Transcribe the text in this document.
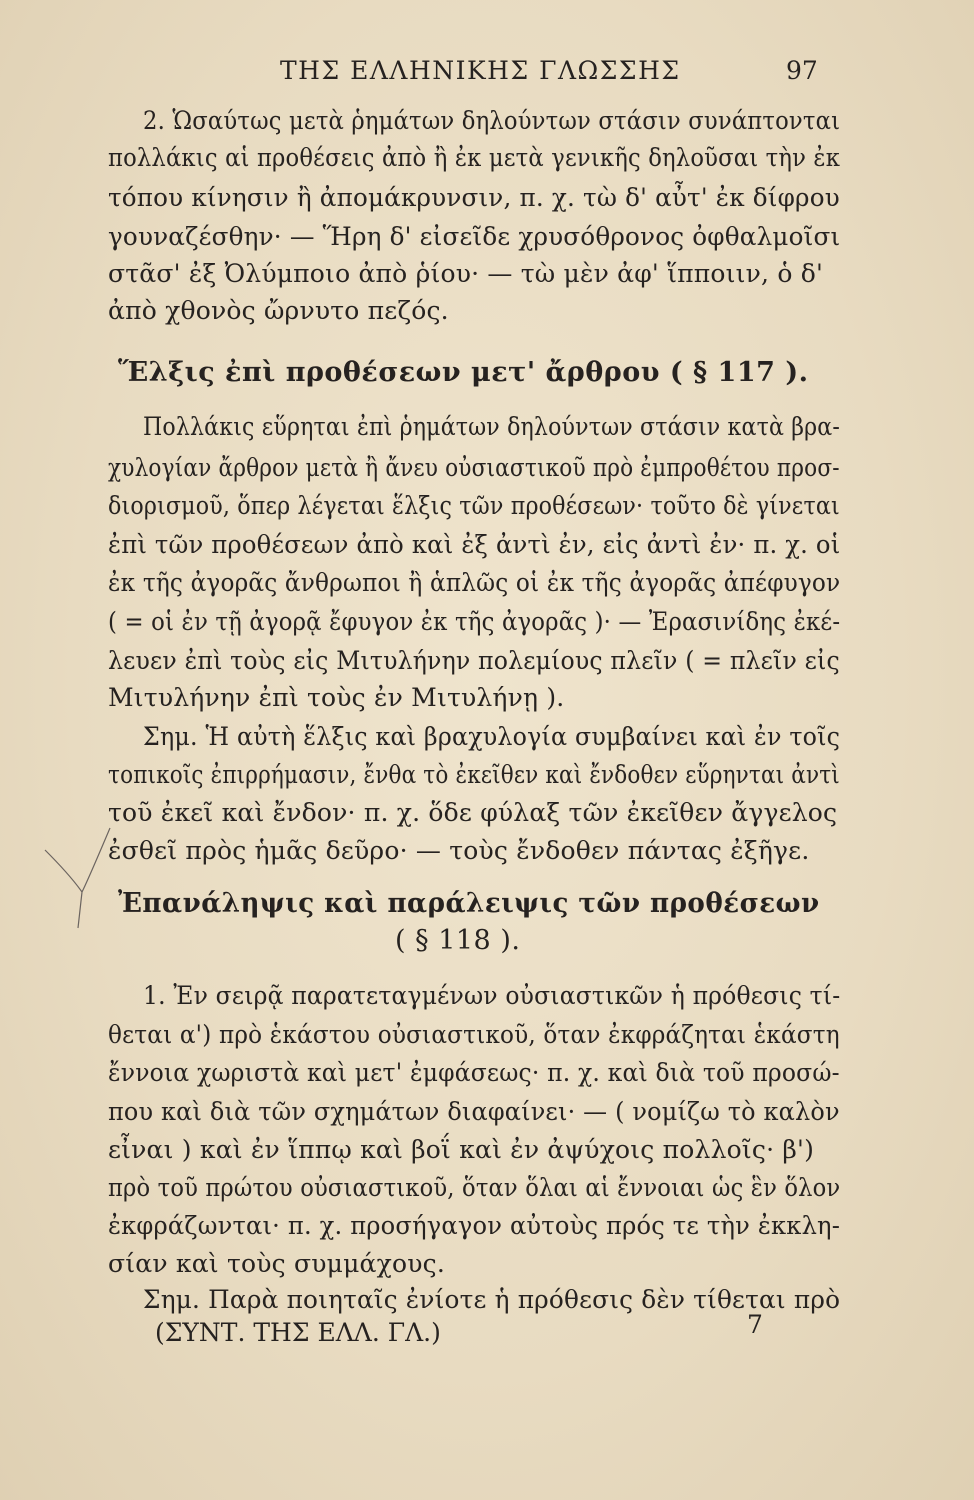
ΤΗΣ ΕΛΛΗΝΙΚΗΣ ΓΛΩΣΣΗΣ	97
2. Ὡσαύτως μετὰ ῥημάτων δηλούντων στάσιν συνάπτονται
πολλάκις αἱ προθέσεις ἀπὸ ἢ ἐκ μετὰ γενικῆς δηλοῦσαι τὴν ἐκ
τόπου κίνησιν ἢ ἀπομάκρυνσιν, π. χ. τὼ δ' αὖτ' ἐκ δίφρου
γουναζέσθην· — Ἥρη δ' εἰσεῖδε χρυσόθρονος ὀφθαλμοῖσι
στᾶσ' ἐξ Ὀλύμποιο ἀπὸ ῥίου· — τὼ μὲν ἀφ' ἵπποιιν, ὁ δ'
ἀπὸ χθονὸς ὤρνυτο πεζός.
Ἕλξις ἐπὶ προθέσεων μετ' ἄρθρου ( § 117 ).
Πολλάκις εὕρηται ἐπὶ ῥημάτων δηλούντων στάσιν κατὰ βρα-
χυλογίαν ἄρθρον μετὰ ἢ ἄνευ οὐσιαστικοῦ πρὸ ἐμπροθέτου προσ-
διορισμοῦ, ὅπερ λέγεται ἕλξις τῶν προθέσεων· τοῦτο δὲ γίνεται
ἐπὶ τῶν προθέσεων ἀπὸ καὶ ἐξ ἀντὶ ἐν, εἰς ἀντὶ ἐν· π. χ. οἱ
ἐκ τῆς ἀγορᾶς ἄνθρωποι ἢ ἁπλῶς οἱ ἐκ τῆς ἀγορᾶς ἀπέφυγον
( = οἱ ἐν τῇ ἀγορᾷ ἔφυγον ἐκ τῆς ἀγορᾶς )· — Ἐρασινίδης ἐκέ-
λευεν ἐπὶ τοὺς εἰς Μιτυλήνην πολεμίους πλεῖν ( = πλεῖν εἰς
Μιτυλήνην ἐπὶ τοὺς ἐν Μιτυλήνῃ ).
Σημ. Ἡ αὐτὴ ἕλξις καὶ βραχυλογία συμβαίνει καὶ ἐν τοῖς
τοπικοῖς ἐπιρρήμασιν, ἔνθα τὸ ἐκεῖθεν καὶ ἔνδοθεν εὕρηνται ἀντὶ
τοῦ ἐκεῖ καὶ ἔνδον· π. χ. ὅδε φύλαξ τῶν ἐκεῖθεν ἄγγελος
ἐσθεῖ πρὸς ἡμᾶς δεῦρο· — τοὺς ἔνδοθεν πάντας ἐξῆγε.
Ἐπανάληψις καὶ παράλειψις τῶν προθέσεων
( § 118 ).
1. Ἐν σειρᾷ παρατεταγμένων οὐσιαστικῶν ἡ πρόθεσις τί-
θεται α') πρὸ ἑκάστου οὐσιαστικοῦ, ὅταν ἐκφράζηται ἑκάστη
ἔννοια χωριστὰ καὶ μετ' ἐμφάσεως· π. χ. καὶ διὰ τοῦ προσώ-
που καὶ διὰ τῶν σχημάτων διαφαίνει· — ( νομίζω τὸ καλὸν
εἶναι ) καὶ ἐν ἵππῳ καὶ βοΐ καὶ ἐν ἀψύχοις πολλοῖς· β')
πρὸ τοῦ πρώτου οὐσιαστικοῦ, ὅταν ὅλαι αἱ ἔννοιαι ὡς ἓν ὅλον
ἐκφράζωνται· π. χ. προσήγαγον αὐτοὺς πρός τε τὴν ἐκκλη-
σίαν καὶ τοὺς συμμάχους.
Σημ. Παρὰ ποιηταῖς ἐνίοτε ἡ πρόθεσις δὲν τίθεται πρὸ
(ΣΥΝΤ. ΤΗΣ ΕΛΛ. ΓΛ.)	7
